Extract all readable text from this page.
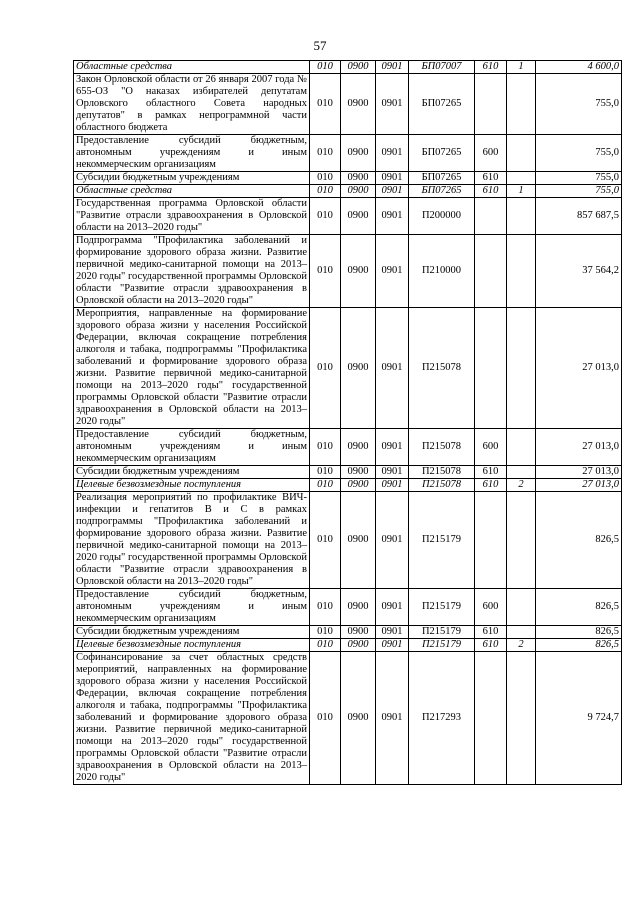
57
Областные средства	010	0900	0901	БП07007	610	1	4 600,0
Закон Орловской области от 26 января 2007 года № 655-ОЗ "О наказах избирателей депутатам Орловского областного Совета народных депутатов" в рамках непрограммной части областного бюджета	010	0900	0901	БП07265			755,0
Предоставление субсидий бюджетным, автономным учреждениям и иным некоммерческим организациям	010	0900	0901	БП07265	600		755,0
Субсидии бюджетным учреждениям	010	0900	0901	БП07265	610		755,0
Областные средства	010	0900	0901	БП07265	610	1	755,0
Государственная программа Орловской области "Развитие отрасли здравоохранения в Орловской области на 2013–2020 годы"	010	0900	0901	П200000			857 687,5
Подпрограмма "Профилактика заболеваний и формирование здорового образа жизни. Развитие первичной медико-санитарной помощи на 2013–2020 годы" государственной программы Орловской области "Развитие отрасли здравоохранения в Орловской области на 2013–2020 годы"	010	0900	0901	П210000			37 564,2
Мероприятия, направленные на формирование здорового образа жизни у населения Российской Федерации, включая сокращение потребления алкоголя и табака, подпрограммы "Профилактика заболеваний и формирование здорового образа жизни. Развитие первичной медико-санитарной помощи на 2013–2020 годы" государственной программы Орловской области "Развитие отрасли здравоохранения в Орловской области на 2013–2020 годы"	010	0900	0901	П215078			27 013,0
Предоставление субсидий бюджетным, автономным учреждениям и иным некоммерческим организациям	010	0900	0901	П215078	600		27 013,0
Субсидии бюджетным учреждениям	010	0900	0901	П215078	610		27 013,0
Целевые безвозмездные поступления	010	0900	0901	П215078	610	2	27 013,0
Реализация мероприятий по профилактике ВИЧ-инфекции и гепатитов В и С в рамках подпрограммы "Профилактика заболеваний и формирование здорового образа жизни. Развитие первичной медико-санитарной помощи на 2013–2020 годы" государственной программы Орловской области "Развитие отрасли здравоохранения в Орловской области на 2013–2020 годы"	010	0900	0901	П215179			826,5
Предоставление субсидий бюджетным, автономным учреждениям и иным некоммерческим организациям	010	0900	0901	П215179	600		826,5
Субсидии бюджетным учреждениям	010	0900	0901	П215179	610		826,5
Целевые безвозмездные поступления	010	0900	0901	П215179	610	2	826,5
Софинансирование за счет областных средств мероприятий, направленных на формирование здорового образа жизни у населения Российской Федерации, включая сокращение потребления алкоголя и табака, подпрограммы "Профилактика заболеваний и формирование здорового образа жизни. Развитие первичной медико-санитарной помощи на 2013–2020 годы" государственной программы Орловской области "Развитие отрасли здравоохранения в Орловской области на 2013–2020 годы"	010	0900	0901	П217293			9 724,7
